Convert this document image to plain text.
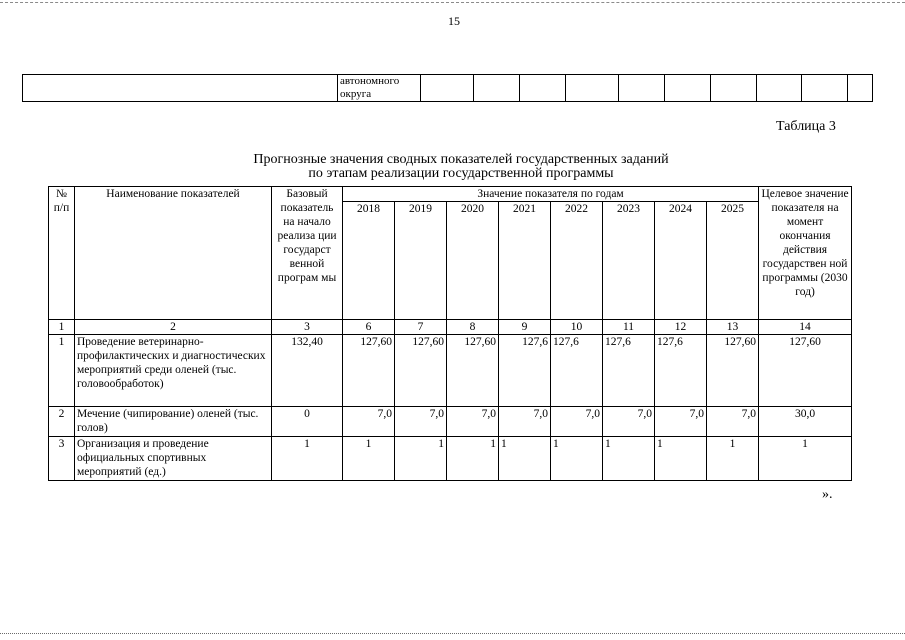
15
	автономного
округа										
Таблица 3
Прогнозные значения сводных показателей государственных заданий
по этапам реализации государственной программы
№ п/п	Наименование показателей	Базовый показатель на начало реализа ции государст венной програм мы	Значение показателя по годам								Целевое значение показателя на момент окончания действия государствен ной программы (2030 год)
			2018	2019	2020	2021	2022	2023	2024	2025	
1	2	3	6	7	8	9	10	11	12	13	14
1	Проведение ветеринарно-профилактических и диагностических мероприятий среди оленей (тыс. головообработок)	132,40	127,60	127,60	127,60	127,6	127,6	127,6	127,6	127,60	127,60
2	Мечение (чипирование) оленей (тыс. голов)	0	7,0	7,0	7,0	7,0	7,0	7,0	7,0	7,0	30,0
3	Организация и проведение официальных спортивных мероприятий (ед.)	1	1	1	1	1	1	1	1	1	1
».
